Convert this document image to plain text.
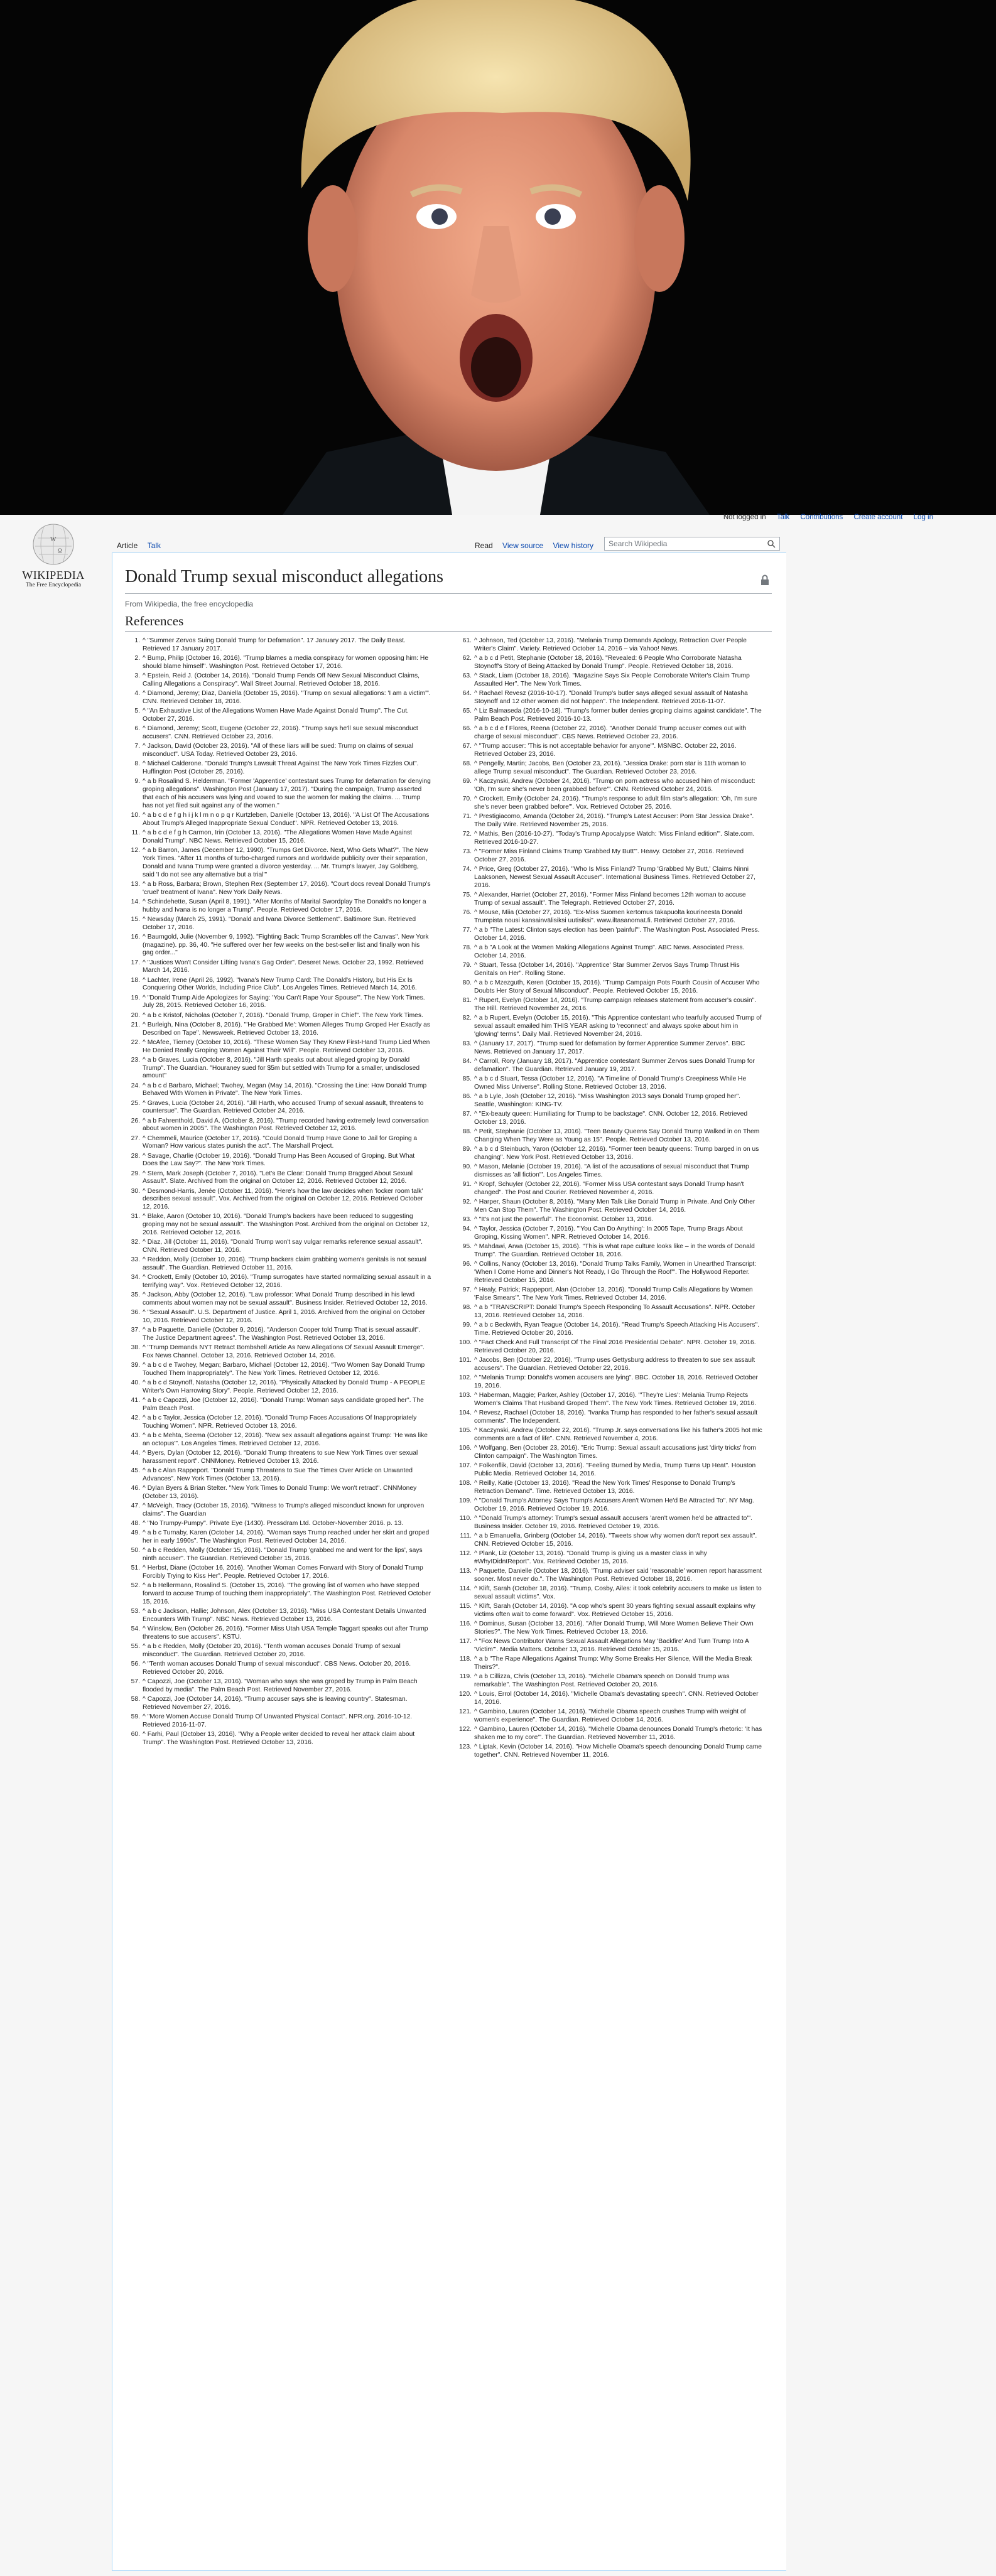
Not logged in Talk Contributions Create account Log in
W
Ω
WIKIPEDIA
The Free Encyclopedia
Article Talk	Read View source View history	Search Wikipedia
Donald Trump sexual misconduct allegations
From Wikipedia, the free encyclopedia
References
1. ^ "Summer Zervos Suing Donald Trump for Defamation". 17 January 2017. The Daily Beast. Retrieved 17 January 2017.
2. ^ Bump, Philip (October 16, 2016). "Trump blames a media conspiracy for women opposing him: He should blame himself". Washington Post. Retrieved October 17, 2016.
3. ^ Epstein, Reid J. (October 14, 2016). "Donald Trump Fends Off New Sexual Misconduct Claims, Calling Allegations a Conspiracy". Wall Street Journal. Retrieved October 18, 2016.
4. ^ Diamond, Jeremy; Diaz, Daniella (October 15, 2016). "Trump on sexual allegations: 'I am a victim'". CNN. Retrieved October 18, 2016.
5. ^ "An Exhaustive List of the Allegations Women Have Made Against Donald Trump". The Cut. October 27, 2016.
6. ^ Diamond, Jeremy; Scott, Eugene (October 22, 2016). "Trump says he'll sue sexual misconduct accusers". CNN. Retrieved October 23, 2016.
7. ^ Jackson, David (October 23, 2016). "All of these liars will be sued: Trump on claims of sexual misconduct". USA Today. Retrieved October 23, 2016.
8. ^ Michael Calderone. "Donald Trump's Lawsuit Threat Against The New York Times Fizzles Out". Huffington Post (October 25, 2016).
9. ^ a b Rosalind S. Helderman. "Former 'Apprentice' contestant sues Trump for defamation for denying groping allegations". Washington Post (January 17, 2017). "During the campaign, Trump asserted that each of his accusers was lying and vowed to sue the women for making the claims. ... Trump has not yet filed suit against any of the women."
10. ^ a b c d e f g h i j k l m n o p q r Kurtzleben, Danielle (October 13, 2016). "A List Of The Accusations About Trump's Alleged Inappropriate Sexual Conduct". NPR. Retrieved October 13, 2016.
11. ^ a b c d e f g h Carmon, Irin (October 13, 2016). "The Allegations Women Have Made Against Donald Trump". NBC News. Retrieved October 15, 2016.
12. ^ a b Barron, James (December 12, 1990). "Trumps Get Divorce. Next, Who Gets What?". The New York Times. "After 11 months of turbo-charged rumors and worldwide publicity over their separation, Donald and Ivana Trump were granted a divorce yesterday. ... Mr. Trump's lawyer, Jay Goldberg, said 'I do not see any alternative but a trial'"
13. ^ a b Ross, Barbara; Brown, Stephen Rex (September 17, 2016). "Court docs reveal Donald Trump's 'cruel' treatment of Ivana". New York Daily News.
14. ^ Schindehette, Susan (April 8, 1991). "After Months of Marital Swordplay The Donald's no longer a hubby and Ivana is no longer a Trump". People. Retrieved October 17, 2016.
15. ^ Newsday (March 25, 1991). "Donald and Ivana Divorce Settlement". Baltimore Sun. Retrieved October 17, 2016.
16. ^ Baumgold, Julie (November 9, 1992). "Fighting Back: Trump Scrambles off the Canvas". New York (magazine). pp. 36, 40. "He suffered over her few weeks on the best-seller list and finally won his gag order..."
17. ^ "Justices Won't Consider Lifting Ivana's Gag Order". Deseret News. October 23, 1992. Retrieved March 14, 2016.
18. ^ Lachter, Irene (April 26, 1992). "Ivana's New Trump Card: The Donald's History, but His Ex Is Conquering Other Worlds, Including Price Club". Los Angeles Times. Retrieved March 14, 2016.
19. ^ "Donald Trump Aide Apologizes for Saying: 'You Can't Rape Your Spouse'". The New York Times. July 28, 2015. Retrieved October 16, 2016.
20. ^ a b c Kristof, Nicholas (October 7, 2016). "Donald Trump, Groper in Chief". The New York Times.
21. ^ Burleigh, Nina (October 8, 2016). "'He Grabbed Me': Women Alleges Trump Groped Her Exactly as Described on Tape". Newsweek. Retrieved October 13, 2016.
22. ^ McAfee, Tierney (October 10, 2016). "These Women Say They Knew First-Hand Trump Lied When He Denied Really Groping Women Against Their Will". People. Retrieved October 13, 2016.
23. ^ a b Graves, Lucia (October 8, 2016). "Jill Harth speaks out about alleged groping by Donald Trump". The Guardian. "Houraney sued for $5m but settled with Trump for a smaller, undisclosed amount"
24. ^ a b c d Barbaro, Michael; Twohey, Megan (May 14, 2016). "Crossing the Line: How Donald Trump Behaved With Women in Private". The New York Times.
25. ^ Graves, Lucia (October 24, 2016). "Jill Harth, who accused Trump of sexual assault, threatens to countersue". The Guardian. Retrieved October 24, 2016.
26. ^ a b Fahrenthold, David A. (October 8, 2016). "Trump recorded having extremely lewd conversation about women in 2005". The Washington Post. Retrieved October 12, 2016.
27. ^ Chemmeli, Maurice (October 17, 2016). "Could Donald Trump Have Gone to Jail for Groping a Woman? How various states punish the act". The Marshall Project.
28. ^ Savage, Charlie (October 19, 2016). "Donald Trump Has Been Accused of Groping. But What Does the Law Say?". The New York Times.
29. ^ Stern, Mark Joseph (October 7, 2016). "Let's Be Clear: Donald Trump Bragged About Sexual Assault". Slate. Archived from the original on October 12, 2016. Retrieved October 12, 2016.
30. ^ Desmond-Harris, Jenée (October 11, 2016). "Here's how the law decides when 'locker room talk' describes sexual assault". Vox. Archived from the original on October 12, 2016. Retrieved October 12, 2016.
31. ^ Blake, Aaron (October 10, 2016). "Donald Trump's backers have been reduced to suggesting groping may not be sexual assault". The Washington Post. Archived from the original on October 12, 2016. Retrieved October 12, 2016.
32. ^ Diaz, Jill (October 11, 2016). "Donald Trump won't say vulgar remarks reference sexual assault". CNN. Retrieved October 11, 2016.
33. ^ Reddon, Molly (October 10, 2016). "Trump backers claim grabbing women's genitals is not sexual assault". The Guardian. Retrieved October 11, 2016.
34. ^ Crockett, Emily (October 10, 2016). "Trump surrogates have started normalizing sexual assault in a terrifying way". Vox. Retrieved October 12, 2016.
35. ^ Jackson, Abby (October 12, 2016). "Law professor: What Donald Trump described in his lewd comments about women may not be sexual assault". Business Insider. Retrieved October 12, 2016.
36. ^ "Sexual Assault". U.S. Department of Justice. April 1, 2016. Archived from the original on October 10, 2016. Retrieved October 12, 2016.
37. ^ a b Paquette, Danielle (October 9, 2016). "Anderson Cooper told Trump That is sexual assault". The Justice Department agrees". The Washington Post. Retrieved October 13, 2016.
38. ^ "Trump Demands NYT Retract Bombshell Article As New Allegations Of Sexual Assault Emerge". Fox News Channel. October 13, 2016. Retrieved October 14, 2016.
39. ^ a b c d e Twohey, Megan; Barbaro, Michael (October 12, 2016). "Two Women Say Donald Trump Touched Them Inappropriately". The New York Times. Retrieved October 12, 2016.
40. ^ a b c d Stoynoff, Natasha (October 12, 2016). "Physically Attacked by Donald Trump - A PEOPLE Writer's Own Harrowing Story". People. Retrieved October 12, 2016.
41. ^ a b c Capozzi, Joe (October 12, 2016). "Donald Trump: Woman says candidate groped her". The Palm Beach Post.
42. ^ a b c Taylor, Jessica (October 12, 2016). "Donald Trump Faces Accusations Of Inappropriately Touching Women". NPR. Retrieved October 13, 2016.
43. ^ a b c Mehta, Seema (October 12, 2016). "New sex assault allegations against Trump: 'He was like an octopus'". Los Angeles Times. Retrieved October 12, 2016.
44. ^ Byers, Dylan (October 12, 2016). "Donald Trump threatens to sue New York Times over sexual harassment report". CNNMoney. Retrieved October 13, 2016.
45. ^ a b c Alan Rappeport. "Donald Trump Threatens to Sue The Times Over Article on Unwanted Advances". New York Times (October 13, 2016).
46. ^ Dylan Byers & Brian Stelter. "New York Times to Donald Trump: We won't retract". CNNMoney (October 13, 2016).
47. ^ McVeigh, Tracy (October 15, 2016). "Witness to Trump's alleged misconduct known for unproven claims". The Guardian
48. ^ "No Trumpy-Pumpy". Private Eye (1430). Pressdram Ltd. October-November 2016. p. 13.
49. ^ a b c Turnaby, Karen (October 14, 2016). "Woman says Trump reached under her skirt and groped her in early 1990s". The Washington Post. Retrieved October 14, 2016.
50. ^ a b c Redden, Molly (October 15, 2016). "Donald Trump 'grabbed me and went for the lips', says ninth accuser". The Guardian. Retrieved October 15, 2016.
51. ^ Herbst, Diane (October 16, 2016). "Another Woman Comes Forward with Story of Donald Trump Forcibly Trying to Kiss Her". People. Retrieved October 17, 2016.
52. ^ a b Hellermann, Rosalind S. (October 15, 2016). "The growing list of women who have stepped forward to accuse Trump of touching them inappropriately". The Washington Post. Retrieved October 15, 2016.
53. ^ a b c Jackson, Hallie; Johnson, Alex (October 13, 2016). "Miss USA Contestant Details Unwanted Encounters With Trump". NBC News. Retrieved October 13, 2016.
54. ^ Winslow, Ben (October 26, 2016). "Former Miss Utah USA Temple Taggart speaks out after Trump threatens to sue accusers". KSTU.
55. ^ a b c Redden, Molly (October 20, 2016). "Tenth woman accuses Donald Trump of sexual misconduct". The Guardian. Retrieved October 20, 2016.
56. ^ "Tenth woman accuses Donald Trump of sexual misconduct". CBS News. October 20, 2016. Retrieved October 20, 2016.
57. ^ Capozzi, Joe (October 13, 2016). "Woman who says she was groped by Trump in Palm Beach flooded by media". The Palm Beach Post. Retrieved November 27, 2016.
58. ^ Capozzi, Joe (October 14, 2016). "Trump accuser says she is leaving country". Statesman. Retrieved November 27, 2016.
59. ^ "More Women Accuse Donald Trump Of Unwanted Physical Contact". NPR.org. 2016-10-12. Retrieved 2016-11-07.
60. ^ Farhi, Paul (October 13, 2016). "Why a People writer decided to reveal her attack claim about Trump". The Washington Post. Retrieved October 13, 2016.
61. ^ Johnson, Ted (October 13, 2016). "Melania Trump Demands Apology, Retraction Over People Writer's Claim". Variety. Retrieved October 14, 2016 – via Yahoo! News.
62. ^ a b c d Petit, Stephanie (October 18, 2016). "Revealed: 6 People Who Corroborate Natasha Stoynoff's Story of Being Attacked by Donald Trump". People. Retrieved October 18, 2016.
63. ^ Stack, Liam (October 18, 2016). "Magazine Says Six People Corroborate Writer's Claim Trump Assaulted Her". The New York Times.
64. ^ Rachael Revesz (2016-10-17). "Donald Trump's butler says alleged sexual assault of Natasha Stoynoff and 12 other women did not happen". The Independent. Retrieved 2016-11-07.
65. ^ Liz Balmaseda (2016-10-18). "Trump's former butler denies groping claims against candidate". The Palm Beach Post. Retrieved 2016-10-13.
66. ^ a b c d e f Flores, Reena (October 22, 2016). "Another Donald Trump accuser comes out with charge of sexual misconduct". CBS News. Retrieved October 23, 2016.
67. ^ "Trump accuser: 'This is not acceptable behavior for anyone'". MSNBC. October 22, 2016. Retrieved October 23, 2016.
68. ^ Pengelly, Martin; Jacobs, Ben (October 23, 2016). "Jessica Drake: porn star is 11th woman to allege Trump sexual misconduct". The Guardian. Retrieved October 23, 2016.
69. ^ Kaczynski, Andrew (October 24, 2016). "Trump on porn actress who accused him of misconduct: 'Oh, I'm sure she's never been grabbed before'". CNN. Retrieved October 24, 2016.
70. ^ Crockett, Emily (October 24, 2016). "Trump's response to adult film star's allegation: 'Oh, I'm sure she's never been grabbed before'". Vox. Retrieved October 25, 2016.
71. ^ Prestigiacomo, Amanda (October 24, 2016). "Trump's Latest Accuser: Porn Star Jessica Drake". The Daily Wire. Retrieved November 25, 2016.
72. ^ Mathis, Ben (2016-10-27). "Today's Trump Apocalypse Watch: 'Miss Finland edition'". Slate.com. Retrieved 2016-10-27.
73. ^ "Former Miss Finland Claims Trump 'Grabbed My Butt'". Heavy. October 27, 2016. Retrieved October 27, 2016.
74. ^ Price, Greg (October 27, 2016). "Who Is Miss Finland? Trump 'Grabbed My Butt,' Claims Ninni Laaksonen, Newest Sexual Assault Accuser". International Business Times. Retrieved October 27, 2016.
75. ^ Alexander, Harriet (October 27, 2016). "Former Miss Finland becomes 12th woman to accuse Trump of sexual assault". The Telegraph. Retrieved October 27, 2016.
76. ^ Mouse, Miia (October 27, 2016). "Ex-Miss Suomen kertomus takapuolta kourineesta Donald Trumpista nousi kansainvälisiksi uutisiksi". www.iltasanomat.fi. Retrieved October 27, 2016.
77. ^ a b "The Latest: Clinton says election has been 'painful'". The Washington Post. Associated Press. October 14, 2016.
78. ^ a b "A Look at the Women Making Allegations Against Trump". ABC News. Associated Press. October 14, 2016.
79. ^ Stuart, Tessa (October 14, 2016). "Apprentice' Star Summer Zervos Says Trump Thrust His Genitals on Her". Rolling Stone.
80. ^ a b c Mzezguth, Keren (October 15, 2016). "Trump Campaign Pots Fourth Cousin of Accuser Who Doubts Her Story of Sexual Misconduct". People. Retrieved October 15, 2016.
81. ^ Rupert, Evelyn (October 14, 2016). "Trump campaign releases statement from accuser's cousin". The Hill. Retrieved November 24, 2016.
82. ^ a b Rupert, Evelyn (October 15, 2016). "This Apprentice contestant who tearfully accused Trump of sexual assault emailed him THIS YEAR asking to 'reconnect' and always spoke about him in 'glowing' terms". Daily Mail. Retrieved November 24, 2016.
83. ^ (January 17, 2017). "Trump sued for defamation by former Apprentice Summer Zervos". BBC News. Retrieved on January 17, 2017.
84. ^ Carroll, Rory (January 18, 2017). "Apprentice contestant Summer Zervos sues Donald Trump for defamation". The Guardian. Retrieved January 19, 2017.
85. ^ a b c d Stuart, Tessa (October 12, 2016). "A Timeline of Donald Trump's Creepiness While He Owned Miss Universe". Rolling Stone. Retrieved October 13, 2016.
86. ^ a b Lyle, Josh (October 12, 2016). "Miss Washington 2013 says Donald Trump groped her". Seattle, Washington: KING-TV.
87. ^ "Ex-beauty queen: Humiliating for Trump to be backstage". CNN. October 12, 2016. Retrieved October 13, 2016.
88. ^ Petit, Stephanie (October 13, 2016). "Teen Beauty Queens Say Donald Trump Walked in on Them Changing When They Were as Young as 15". People. Retrieved October 13, 2016.
89. ^ a b c d Steinbuch, Yaron (October 12, 2016). "Former teen beauty queens: Trump barged in on us changing". New York Post. Retrieved October 13, 2016.
90. ^ Mason, Melanie (October 19, 2016). "A list of the accusations of sexual misconduct that Trump dismisses as 'all fiction'". Los Angeles Times.
91. ^ Kropf, Schuyler (October 22, 2016). "Former Miss USA contestant says Donald Trump hasn't changed". The Post and Courier. Retrieved November 4, 2016.
92. ^ Harper, Shaun (October 8, 2016). "Many Men Talk Like Donald Trump in Private. And Only Other Men Can Stop Them". The Washington Post. Retrieved October 14, 2016.
93. ^ "It's not just the powerful". The Economist. October 13, 2016.
94. ^ Taylor, Jessica (October 7, 2016). "'You Can Do Anything': In 2005 Tape, Trump Brags About Groping, Kissing Women". NPR. Retrieved October 14, 2016.
95. ^ Mahdawi, Arwa (October 15, 2016). "This is what rape culture looks like – in the words of Donald Trump". The Guardian. Retrieved October 18, 2016.
96. ^ Collins, Nancy (October 13, 2016). "Donald Trump Talks Family, Women in Unearthed Transcript: 'When I Come Home and Dinner's Not Ready, I Go Through the Roof'". The Hollywood Reporter. Retrieved October 15, 2016.
97. ^ Healy, Patrick; Rappeport, Alan (October 13, 2016). "Donald Trump Calls Allegations by Women 'False Smears'". The New York Times. Retrieved October 14, 2016.
98. ^ a b "TRANSCRIPT: Donald Trump's Speech Responding To Assault Accusations". NPR. October 13, 2016. Retrieved October 14, 2016.
99. ^ a b c Beckwith, Ryan Teague (October 14, 2016). "Read Trump's Speech Attacking His Accusers". Time. Retrieved October 20, 2016.
100. ^ "Fact Check And Full Transcript Of The Final 2016 Presidential Debate". NPR. October 19, 2016. Retrieved October 20, 2016.
101. ^ Jacobs, Ben (October 22, 2016). "Trump uses Gettysburg address to threaten to sue sex assault accusers". The Guardian. Retrieved October 22, 2016.
102. ^ "Melania Trump: Donald's women accusers are lying". BBC. October 18, 2016. Retrieved October 19, 2016.
103. ^ Haberman, Maggie; Parker, Ashley (October 17, 2016). "'They're Lies': Melania Trump Rejects Women's Claims That Husband Groped Them". The New York Times. Retrieved October 19, 2016.
104. ^ Revesz, Rachael (October 18, 2016). "Ivanka Trump has responded to her father's sexual assault comments". The Independent.
105. ^ Kaczynski, Andrew (October 22, 2016). "Trump Jr. says conversations like his father's 2005 hot mic comments are a fact of life". CNN. Retrieved November 4, 2016.
106. ^ Wolfgang, Ben (October 23, 2016). "Eric Trump: Sexual assault accusations just 'dirty tricks' from Clinton campaign". The Washington Times.
107. ^ Folkenflik, David (October 13, 2016). "Feeling Burned by Media, Trump Turns Up Heat". Houston Public Media. Retrieved October 14, 2016.
108. ^ Reilly, Katie (October 13, 2016). "Read the New York Times' Response to Donald Trump's Retraction Demand". Time. Retrieved October 13, 2016.
109. ^ "Donald Trump's Attorney Says Trump's Accusers Aren't Women He'd Be Attracted To". NY Mag. October 19, 2016. Retrieved October 19, 2016.
110. ^ "Donald Trump's attorney: Trump's sexual assault accusers 'aren't women he'd be attracted to'". Business Insider. October 19, 2016. Retrieved October 19, 2016.
111. ^ a b Emanuella, Grinberg (October 14, 2016). "Tweets show why women don't report sex assault". CNN. Retrieved October 15, 2016.
112. ^ Plank, Liz (October 13, 2016). "Donald Trump is giving us a master class in why #WhyIDidntReport". Vox. Retrieved October 15, 2016.
113. ^ Paquette, Danielle (October 18, 2016). "Trump adviser said 'reasonable' women report harassment sooner. Most never do.". The Washington Post. Retrieved October 18, 2016.
114. ^ Klift, Sarah (October 18, 2016). "Trump, Cosby, Ailes: it took celebrity accusers to make us listen to sexual assault victims". Vox.
115. ^ Klift, Sarah (October 14, 2016). "A cop who's spent 30 years fighting sexual assault explains why victims often wait to come forward". Vox. Retrieved October 15, 2016.
116. ^ Dominus, Susan (October 13, 2016). "After Donald Trump, Will More Women Believe Their Own Stories?". The New York Times. Retrieved October 13, 2016.
117. ^ "Fox News Contributor Warns Sexual Assault Allegations May 'Backfire' And Turn Trump Into A 'Victim'". Media Matters. October 13, 2016. Retrieved October 15, 2016.
118. ^ a b "The Rape Allegations Against Trump: Why Some Breaks Her Silence, Will the Media Break Theirs?".
119. ^ a b Cillizza, Chris (October 13, 2016). "Michelle Obama's speech on Donald Trump was remarkable". The Washington Post. Retrieved October 20, 2016.
120. ^ Louis, Errol (October 14, 2016). "Michelle Obama's devastating speech". CNN. Retrieved October 14, 2016.
121. ^ Gambino, Lauren (October 14, 2016). "Michelle Obama speech crushes Trump with weight of women's experience". The Guardian. Retrieved October 14, 2016.
122. ^ Gambino, Lauren (October 14, 2016). "Michelle Obama denounces Donald Trump's rhetoric: 'It has shaken me to my core'". The Guardian. Retrieved November 11, 2016.
123. ^ Liptak, Kevin (October 14, 2016). "How Michelle Obama's speech denouncing Donald Trump came together". CNN. Retrieved November 11, 2016.
